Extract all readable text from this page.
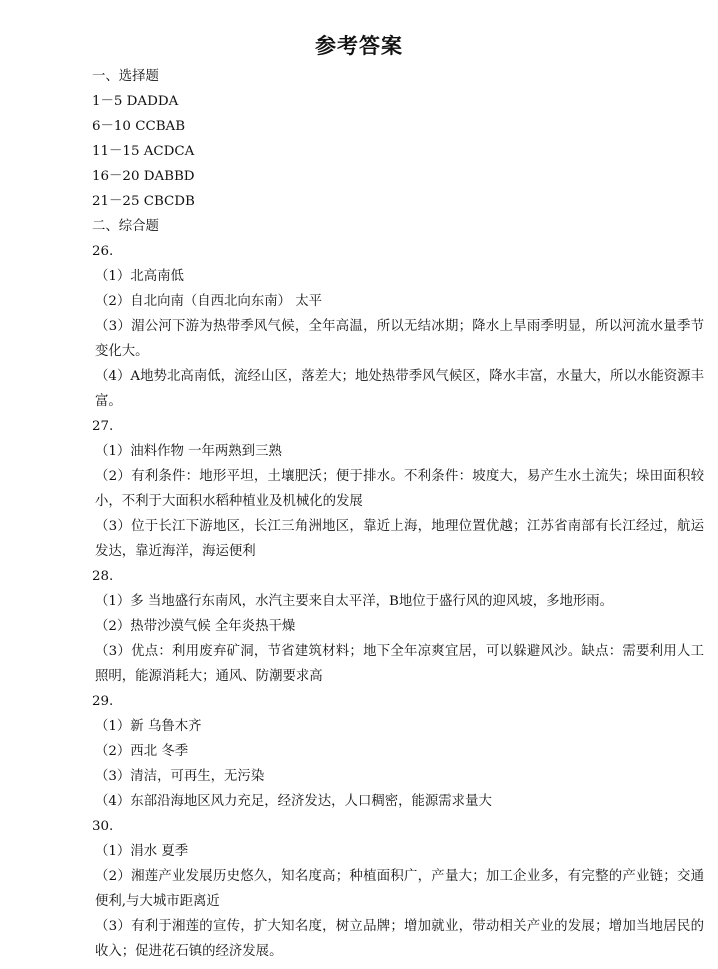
参考答案
一、选择题
1－5 DADDA
6－10 CCBAB
11－15 ACDCA
16－20 DABBD
21－25 CBCDB
二、综合题
26.
（1）北高南低
（2）自北向南（自西北向东南） 太平
（3）湄公河下游为热带季风气候，全年高温，所以无结冰期；降水上旱雨季明显，所以河流水量季节变化大。
（4）A地势北高南低，流经山区，落差大；地处热带季风气候区，降水丰富，水量大，所以水能资源丰富。
27.
（1）油料作物 一年两熟到三熟
（2）有利条件：地形平坦，土壤肥沃；便于排水。不利条件：坡度大，易产生水土流失；垛田面积较小，不利于大面积水稻种植业及机械化的发展
（3）位于长江下游地区，长江三角洲地区，靠近上海，地理位置优越；江苏省南部有长江经过，航运发达，靠近海洋，海运便利
28.
（1）多 当地盛行东南风，水汽主要来自太平洋，B地位于盛行风的迎风坡，多地形雨。
（2）热带沙漠气候 全年炎热干燥
（3）优点：利用废弃矿洞，节省建筑材料；地下全年凉爽宜居，可以躲避风沙。缺点：需要利用人工照明，能源消耗大；通风、防潮要求高
29.
（1）新 乌鲁木齐
（2）西北 冬季
（3）清洁，可再生，无污染
（4）东部沿海地区风力充足，经济发达，人口稠密，能源需求量大
30.
（1）涓水 夏季
（2）湘莲产业发展历史悠久，知名度高；种植面积广，产量大；加工企业多，有完整的产业链；交通便利,与大城市距离近
（3）有利于湘莲的宣传，扩大知名度，树立品牌；增加就业，带动相关产业的发展；增加当地居民的收入；促进花石镇的经济发展。
